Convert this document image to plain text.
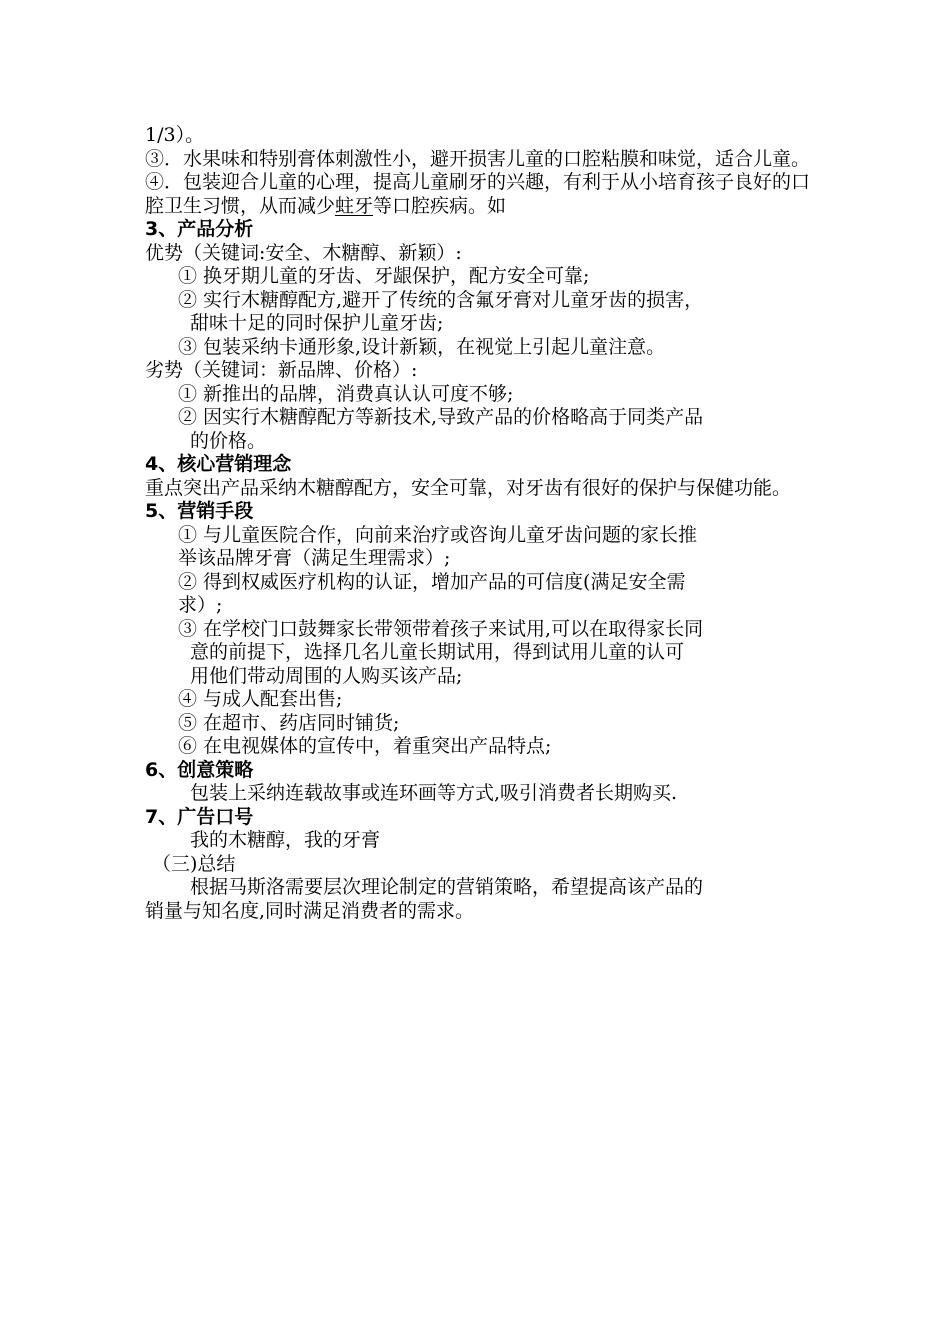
1/3）。
③．水果味和特别膏体刺激性小，避开损害儿童的口腔粘膜和味觉，适合儿童。
④．包装迎合儿童的心理，提高儿童刷牙的兴趣，有利于从小培育孩子良好的口腔卫生习惯，从而减少蛀牙等口腔疾病。如
3、产品分析
优势（关键词:安全、木糖醇、新颖）:
① 换牙期儿童的牙齿、牙龈保护，配方安全可靠;
② 实行木糖醇配方,避开了传统的含氟牙膏对儿童牙齿的损害，
甜味十足的同时保护儿童牙齿;
③ 包装采纳卡通形象,设计新颖，在视觉上引起儿童注意。
劣势（关键词：新品牌、价格）:
① 新推出的品牌，消费真认认可度不够;
② 因实行木糖醇配方等新技术,导致产品的价格略高于同类产品
的价格。
4、核心营销理念
重点突出产品采纳木糖醇配方，安全可靠，对牙齿有很好的保护与保健功能。
5、营销手段
① 与儿童医院合作，向前来治疗或咨询儿童牙齿问题的家长推
举该品牌牙膏（满足生理需求）;
② 得到权威医疗机构的认证，增加产品的可信度(满足安全需
求）;
③ 在学校门口鼓舞家长带领带着孩子来试用,可以在取得家长同
意的前提下，选择几名儿童长期试用，得到试用儿童的认可
用他们带动周围的人购买该产品;
④ 与成人配套出售;
⑤ 在超市、药店同时铺货;
⑥ 在电视媒体的宣传中，着重突出产品特点;
6、创意策略
包装上采纳连载故事或连环画等方式,吸引消费者长期购买.
7、广告口号
我的木糖醇，我的牙膏
（三)总结
根据马斯洛需要层次理论制定的营销策略，希望提高该产品的
销量与知名度,同时满足消费者的需求。
